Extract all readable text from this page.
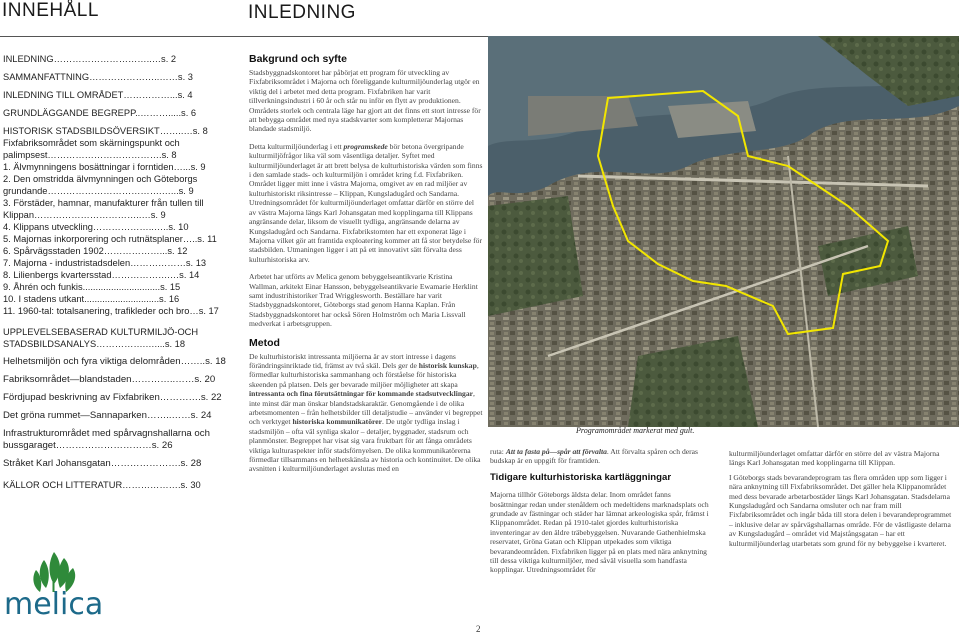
INNEHÅLL	INLEDNING
INLEDNING…………………………..…s. 2
SAMMANFATTNING…………………..……s. 3
INLEDNING TILL OMRÅDET……………...s. 4
GRUNDLÄGGANDE BEGREPP..……….....s. 6
HISTORISK STADSBILDSÖVERSIKT……..…s. 8
Fixfabriksområdet som skärningspunkt och palimpsest……………………………….s. 8
1. Älvmynningens bosättningar i forntiden…...s. 9
2. Den omstridda älvmynningen och Göteborgs grundande……………………………….…...s. 9
3. Förstäder, hamnar, manufakturer från tullen till Klippan……………………………..…s. 9
4. Klippans utveckling………………..…..s. 10
5. Majornas inkorporering och rutnätsplaner…..s. 11
6. Spårvägsstaden 1902………………...s. 12
7. Majorna - industristadsdelen………………s. 13
8. Lilienbergs kvartersstad……………….…s. 14
9. Åhrén och funkis..............................s. 15
10. I stadens utkant.............................s. 16
11. 1960-tal: totalsanering, trafikleder och bro…s. 17
UPPLEVELSEBASERAD KULTURMILJÖ-OCH STADSBILDSANALYS…………….…....s. 18
Helhetsmiljön och fyra viktiga delområden……..s. 18
Fabriksområdet—blandstaden…………..……s. 20
Fördjupad beskrivning av Fixfabriken………….s. 22
Det gröna rummet—Sannaparken……..……s. 24
Infrastrukturområdet med spårvagnshallarna och bussgaraget…………………………s. 26
Stråket Karl Johansgatan………………….s. 28
KÄLLOR OCH LITTERATUR……………….s. 30
melica
Bakgrund och syfte

Stadsbyggnadskontoret har påbörjat ett program för utveckling av Fixfabriksområdet i Majorna och föreliggande kulturmiljöunderlag utgör en viktig del i arbetet med detta program. Fixfabriken har varit tillverkningsindustri i 60 år och står nu inför en flytt av produktionen. Områdets storlek och centrala läge har gjort att det finns ett stort intresse för att bebygga området med nya stadskvarter som kompletterar Majornas blandade stadsmiljö.

Detta kulturmiljöunderlag i ett programskede bör betona övergripande kulturmiljöfrågor lika väl som väsentliga detaljer. Syftet med kulturmiljöunderlaget är att brett belysa de kulturhistoriska värden som finns i den samlade stads- och kulturmiljön i området kring f.d. Fixfabriken. Området ligger mitt inne i västra Majorna, omgivet av en rad miljöer av kulturhistoriskt riksintresse – Klippan, Kungsladugård och Sandarna. Utredningsområdet för kulturmiljöunderlaget omfattar därför en större del av västra Majorna längs Karl Johansgatan med kopplingarna till Klippans angränsande delar, liksom de visuellt tydliga, angränsande delarna av Kungsladugård och Sandarna. Fixfabrikstomten har ett exponerat läge i Majorna vilket gör att framtida exploatering kommer att få stor betydelse för stadsbilden. Utmaningen ligger i att på ett innovativt sätt förvalta dess kulturhistoriska arv.

Arbetet har utförts av Melica genom bebyggelseantikvarie Kristina Wallman, arkitekt Einar Hansson, bebyggelseantikvarie Ewamarie Herklint samt industrihistoriker Trad Wrigglesworth. Beställare har varit Stadsbyggnadskontoret, Göteborgs stad genom Hanna Kaplan. Från Stadsbyggnadskontoret har också Sören Holmström och Maria Lissvall medverkat i arbetsgruppen.

Metod

De kulturhistoriskt intressanta miljöerna är av stort intresse i dagens förändringsinriktade tid, främst av två skäl. Dels ger de historisk kunskap, förmedlar kulturhistoriska sammanhang och förståelse för historiska skeenden på platsen. Dels ger bevarade miljöer möjligheter att skapa intressanta och fina förutsättningar för kommande stadsutvecklingar, inte minst där man önskar blandstadskaraktär. Genomgående i de olika arbetsmomenten – från helhetsbilder till detaljstudie – använder vi begreppet och verktyget historiska kommunikatörer. De utgör tydliga inslag i stadsmiljön – ofta väl synliga skalor – detaljer, byggnader, stadsrum och planmönster. Begreppet har visat sig vara fruktbart för att fånga områdets viktiga kulturaspekter inför stadsförnyelsen. De olika kommunikatörerna förmedlar tillsammans en helhetskänsla av historia och kontinuitet. De olika avsnitten i kulturmiljöunderlaget avslutas med en

Programområdet markerat med gult.

ruta: Att ta fasta på—spår att förvalta. Att förvalta spåren och deras budskap är en uppgift för framtiden.

Tidigare kulturhistoriska kartläggningar

Majorna tillhör Göteborgs äldsta delar. Inom området fanns bosättningar redan under stenåldern och medeltidens marknadsplats och grundade av fästningar och städer har lämnat arkeologiska spår, främst i Klippanområdet. Redan på 1910-talet gjordes kulturhistoriska inventeringar av den äldre träbebyggelsen. Nuvarande Gathenhielmska reservatet, Gröna Gatan och Klippan utpekades som viktiga bevarandeområden. Fixfabriken ligger på en plats med nära anknytning till dessa viktiga kulturmiljöer, med såväl visuella som handfasta kopplingar. Utredningsområdet för

kulturmiljöunderlaget omfattar därför en större del av västra Majorna längs Karl Johansgatan med kopplingarna till Klippan.

I Göteborgs stads bevarandeprogram tas flera områden upp som ligger i nära anknytning till Fixfabriksområdet. Det gäller hela Klippanområdet med dess bevarade arbetarbostäder längs Karl Johansgatan. Stadsdelarna Kungsladugård och Sandarna omsluter och nar fram mill Fixfabriksområdet och ingår båda till stora delen i bevarandeprogrammet – inklusive delar av spårvägshallarnas område. För de västligaste delarna av Kungsladugård – området vid Majstångsgatan – har ett kulturmiljöunderlag utarbetats som grund för ny bebyggelse i kvarteret.

2
